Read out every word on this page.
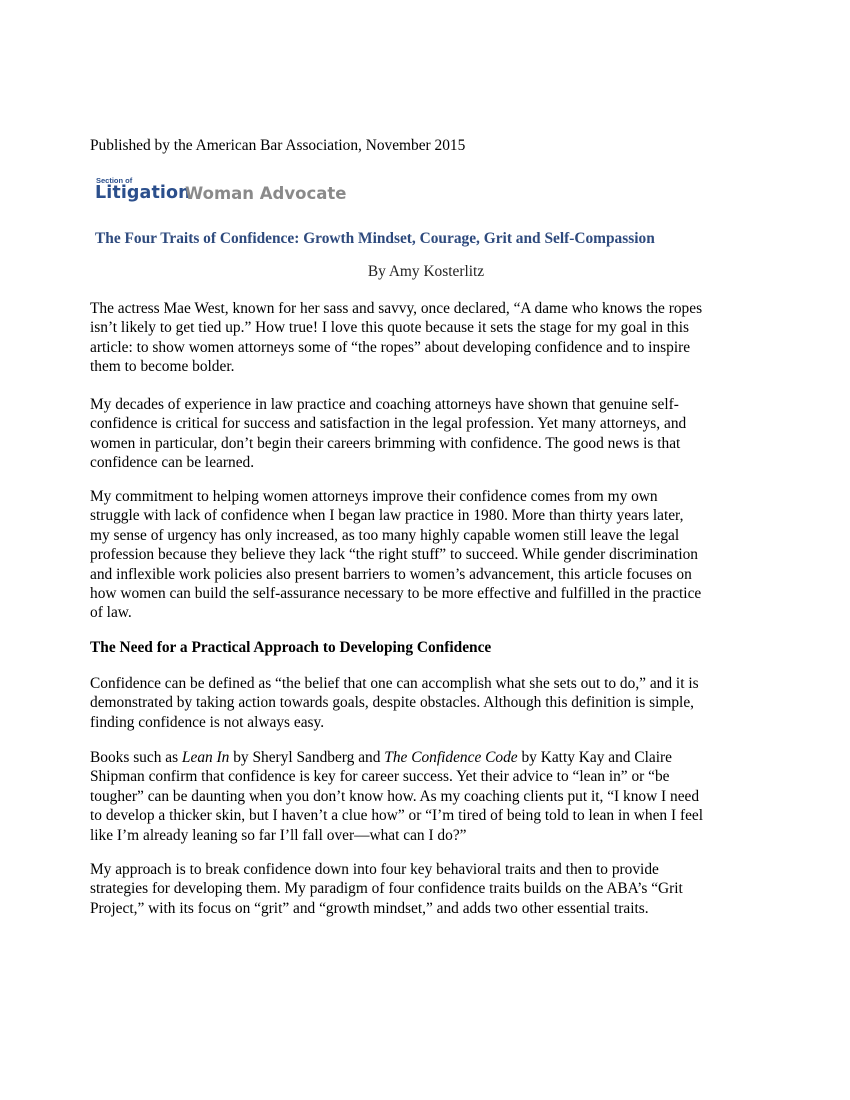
Published by the American Bar Association, November 2015
Section of
Litigation
Woman Advocate
The Four Traits of Confidence: Growth Mindset, Courage, Grit and Self-Compassion
By Amy Kosterlitz
The actress Mae West, known for her sass and savvy, once declared, “A dame who knows the ropes
isn’t likely to get tied up.” How true! I love this quote because it sets the stage for my goal in this
article: to show women attorneys some of “the ropes” about developing confidence and to inspire
them to become bolder.
My decades of experience in law practice and coaching attorneys have shown that genuine self-
confidence is critical for success and satisfaction in the legal profession. Yet many attorneys, and
women in particular, don’t begin their careers brimming with confidence. The good news is that
confidence can be learned.
My commitment to helping women attorneys improve their confidence comes from my own
struggle with lack of confidence when I began law practice in 1980. More than thirty years later,
my sense of urgency has only increased, as too many highly capable women still leave the legal
profession because they believe they lack “the right stuff” to succeed. While gender discrimination
and inflexible work policies also present barriers to women’s advancement, this article focuses on
how women can build the self-assurance necessary to be more effective and fulfilled in the practice
of law.
The Need for a Practical Approach to Developing Confidence
Confidence can be defined as “the belief that one can accomplish what she sets out to do,” and it is
demonstrated by taking action towards goals, despite obstacles. Although this definition is simple,
finding confidence is not always easy.
Books such as Lean In by Sheryl Sandberg and The Confidence Code by Katty Kay and Claire
Shipman confirm that confidence is key for career success. Yet their advice to “lean in” or “be
tougher” can be daunting when you don’t know how. As my coaching clients put it, “I know I need
to develop a thicker skin, but I haven’t a clue how” or “I’m tired of being told to lean in when I feel
like I’m already leaning so far I’ll fall over—what can I do?”
My approach is to break confidence down into four key behavioral traits and then to provide
strategies for developing them. My paradigm of four confidence traits builds on the ABA’s “Grit
Project,” with its focus on “grit” and “growth mindset,” and adds two other essential traits.
